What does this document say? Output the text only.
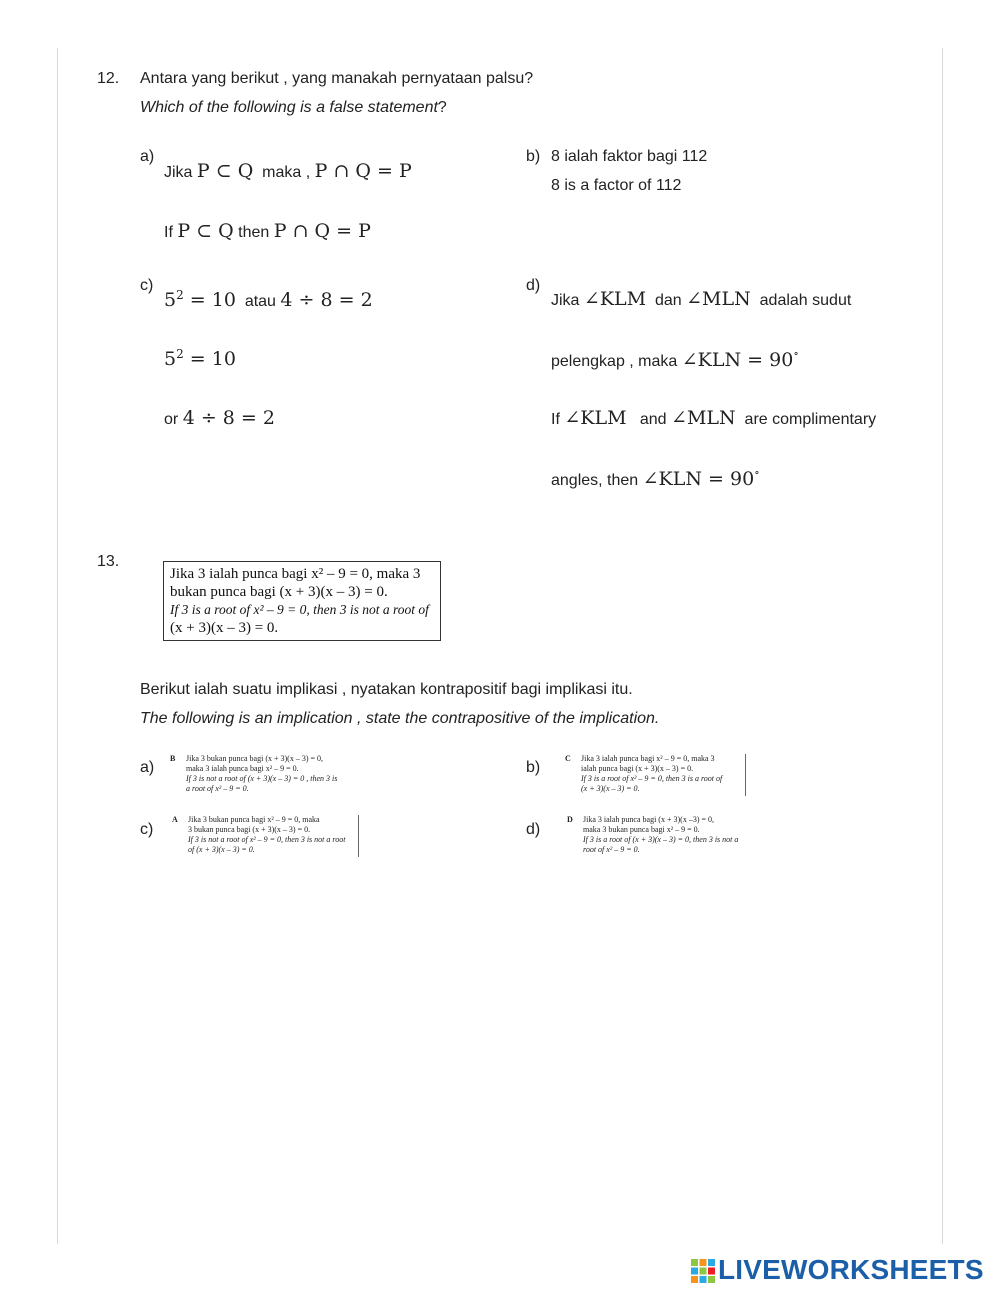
12. Antara yang berikut , yang manakah pernyataan palsu?
Which of the following is a false statement?
a)
Jika P ⊂ Q maka , P ∩ Q = P
If P ⊂ Q then P ∩ Q = P
b) 8 ialah faktor bagi 112
8 is a factor of 112
c)
$5^2 = 10$ atau 4 ÷ 8 = 2
$5^2 = 10$
or 4 ÷ 8 = 2
d)
Jika ∠KLM dan ∠MLN adalah sudut
pelengkap , maka ∠KLN = 90∘
If ∠KLM and ∠MLN are complimentary
angles, then ∠KLN = 90∘
13.
Jika 3 ialah punca bagi x² – 9 = 0, maka 3
bukan punca bagi (x + 3)(x – 3) = 0.
If 3 is a root of x² – 9 = 0, then 3 is not a root of
(x + 3)(x – 3) = 0.
Berikut ialah suatu implikasi , nyatakan kontrapositif bagi implikasi itu.
The following is an implication , state the contrapositive of the implication.
a)
B Jika 3 bukan punca bagi (x + 3)(x – 3) = 0,
maka 3 ialah punca bagi x² – 9 = 0.
If 3 is not a root of (x + 3)(x – 3) = 0 , then 3 is
a root of x² – 9 = 0.
b)
C Jika 3 ialah punca bagi x² – 9 = 0, maka 3
ialah punca bagi (x + 3)(x – 3) = 0.
If 3 is a root of x² – 9 = 0, then 3 is a root of
(x + 3)(x – 3) = 0.
c)
A Jika 3 bukan punca bagi x² – 9 = 0, maka
3 bukan punca bagi (x + 3)(x – 3) = 0.
If 3 is not a root of x² – 9 = 0, then 3 is not a root
of (x + 3)(x – 3) = 0.
d)
D Jika 3 ialah punca bagi (x + 3)(x –3) = 0,
maka 3 bukan punca bagi x² – 9 = 0.
If 3 is a root of (x + 3)(x – 3) = 0, then 3 is not a
root of x² – 9 = 0.
LIVEWORKSHEETS
